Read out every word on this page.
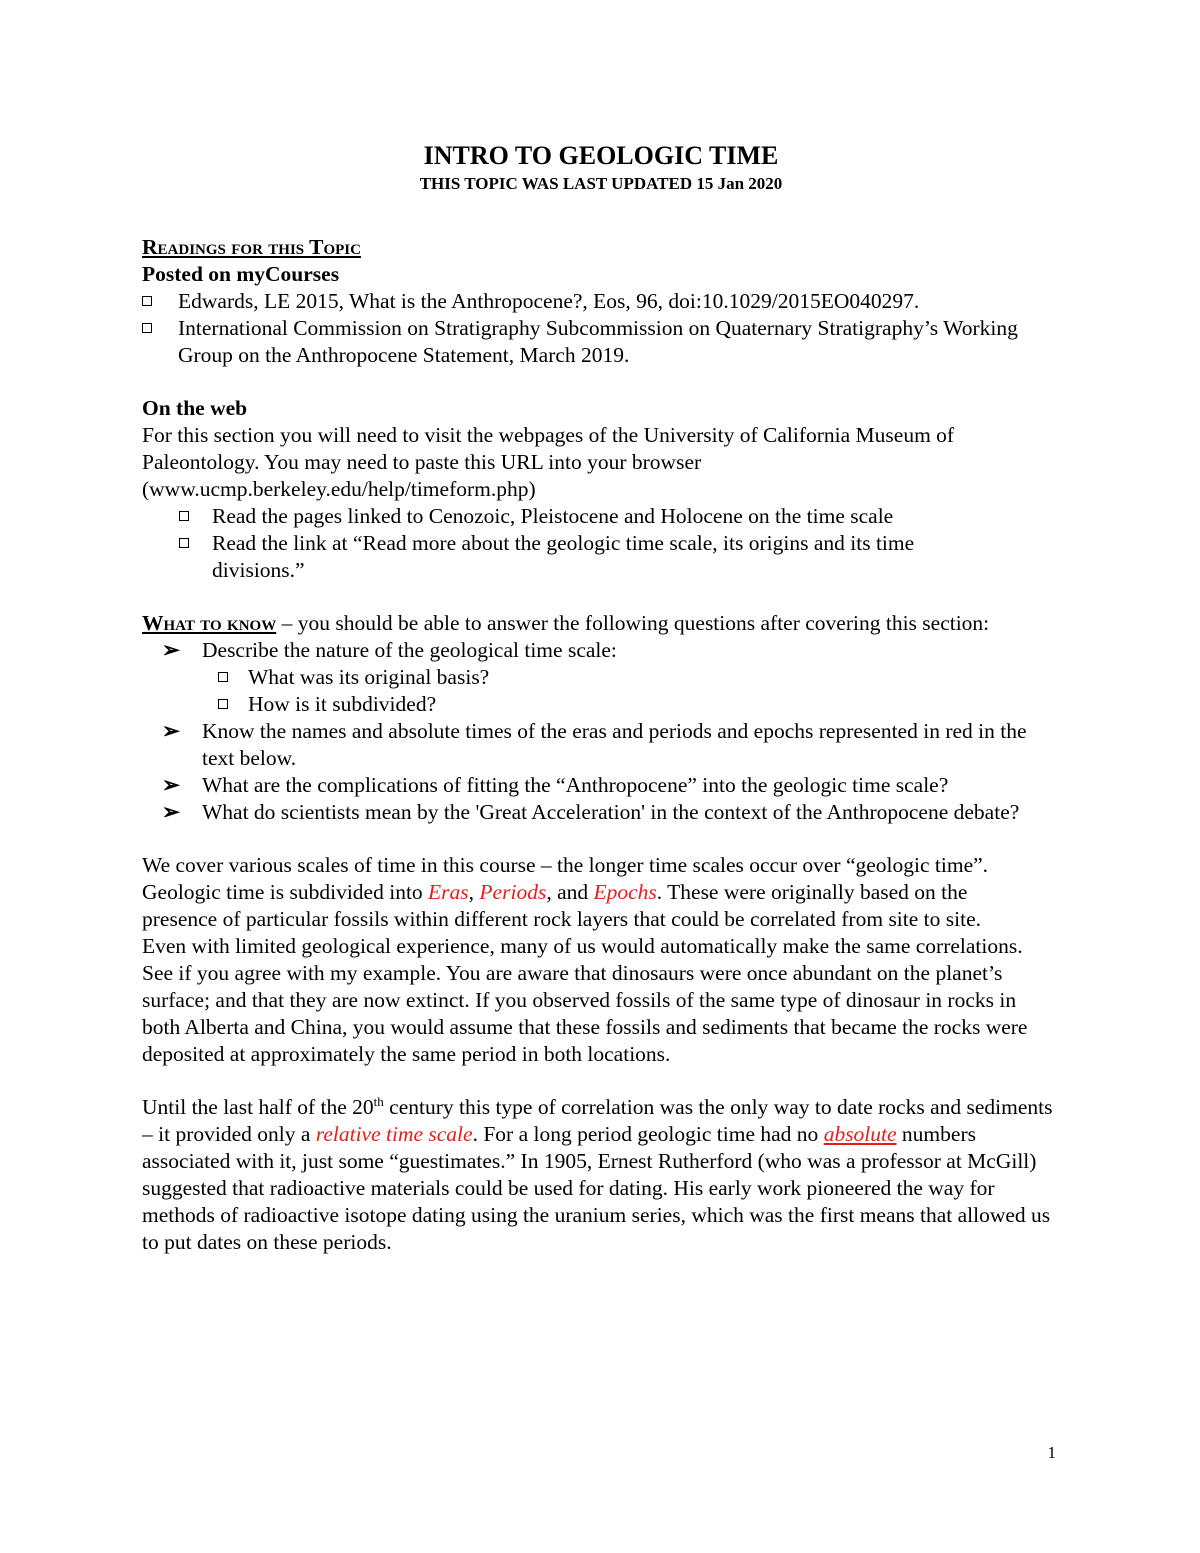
INTRO TO GEOLOGIC TIME

THIS TOPIC WAS LAST UPDATED 15 Jan 2020

Readings for this Topic

Posted on myCourses

Edwards, LE 2015, What is the Anthropocene?, Eos, 96, doi:10.1029/2015EO040297.
International Commission on Stratigraphy Subcommission on Quaternary Stratigraphy’s Working Group on the Anthropocene Statement, March 2019.

On the web

For this section you will need to visit the webpages of the University of California Museum of Paleontology. You may need to paste this URL into your browser (www.ucmp.berkeley.edu/help/timeform.php)

Read the pages linked to Cenozoic, Pleistocene and Holocene on the time scale
Read the link at “Read more about the geologic time scale, its origins and its time divisions.”

What to know – you should be able to answer the following questions after covering this section:

➢ Describe the nature of the geological time scale:
What was its original basis?
How is it subdivided?
➢ Know the names and absolute times of the eras and periods and epochs represented in red in the text below.
➢ What are the complications of fitting the “Anthropocene” into the geologic time scale?
➢ What do scientists mean by the 'Great Acceleration' in the context of the Anthropocene debate?

We cover various scales of time in this course – the longer time scales occur over “geologic time”. Geologic time is subdivided into Eras, Periods, and Epochs. These were originally based on the presence of particular fossils within different rock layers that could be correlated from site to site. Even with limited geological experience, many of us would automatically make the same correlations. See if you agree with my example. You are aware that dinosaurs were once abundant on the planet’s surface; and that they are now extinct. If you observed fossils of the same type of dinosaur in rocks in both Alberta and China, you would assume that these fossils and sediments that became the rocks were deposited at approximately the same period in both locations.

Until the last half of the 20th century this type of correlation was the only way to date rocks and sediments – it provided only a relative time scale. For a long period geologic time had no absolute numbers associated with it, just some “guestimates.” In 1905, Ernest Rutherford (who was a professor at McGill) suggested that radioactive materials could be used for dating. His early work pioneered the way for methods of radioactive isotope dating using the uranium series, which was the first means that allowed us to put dates on these periods.

1
